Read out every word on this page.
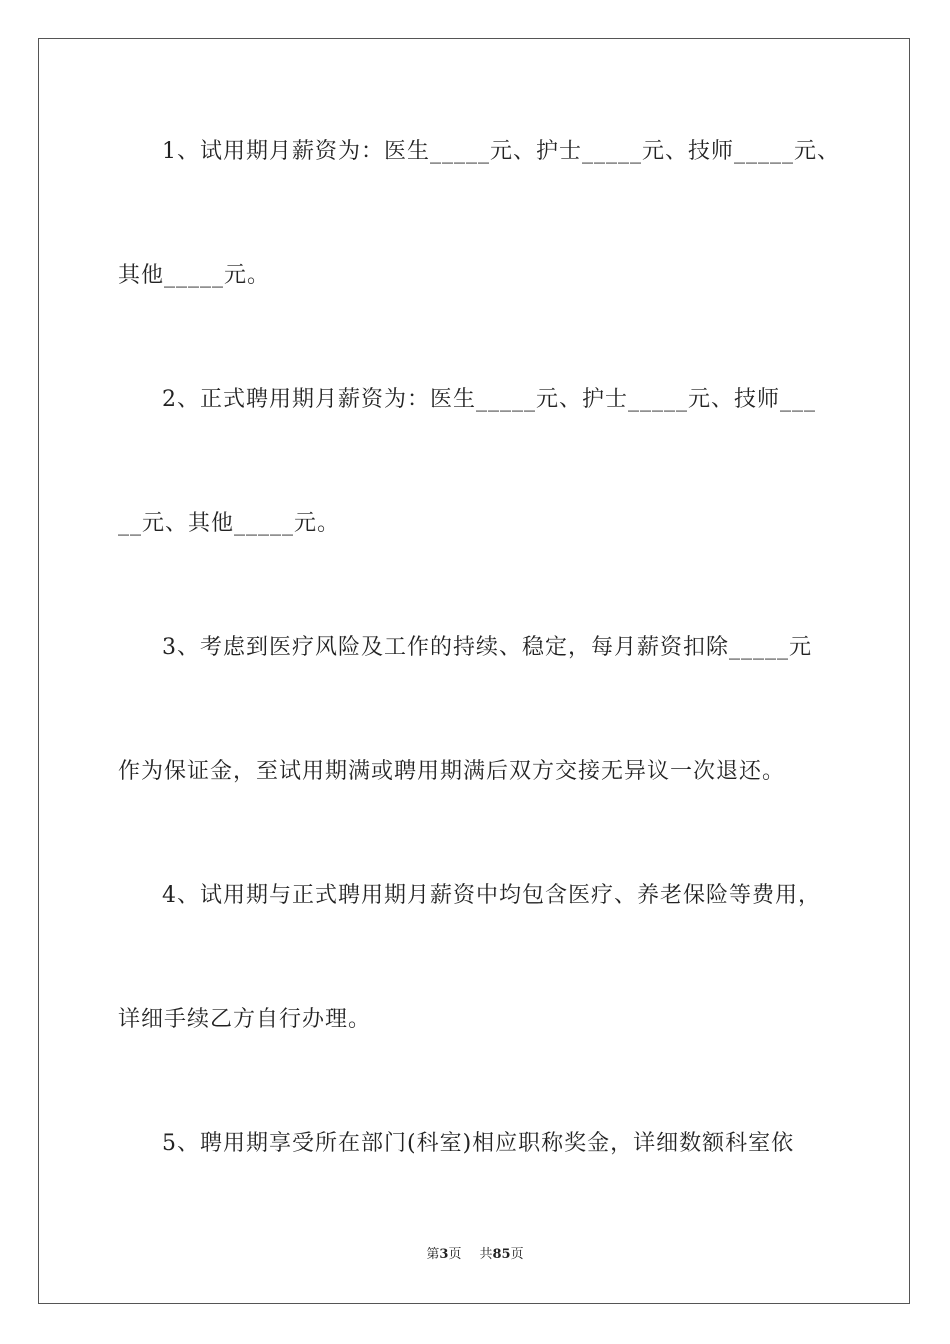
1、试用期月薪资为：医生_____元、护士_____元、技师_____元、
其他_____元。
2、正式聘用期月薪资为：医生_____元、护士_____元、技师___
__元、其他_____元。
3、考虑到医疗风险及工作的持续、稳定，每月薪资扣除_____元
作为保证金，至试用期满或聘用期满后双方交接无异议一次退还。
4、试用期与正式聘用期月薪资中均包含医疗、养老保险等费用，
详细手续乙方自行办理。
5、聘用期享受所在部门(科室)相应职称奖金，详细数额科室依
第3页 共85页
